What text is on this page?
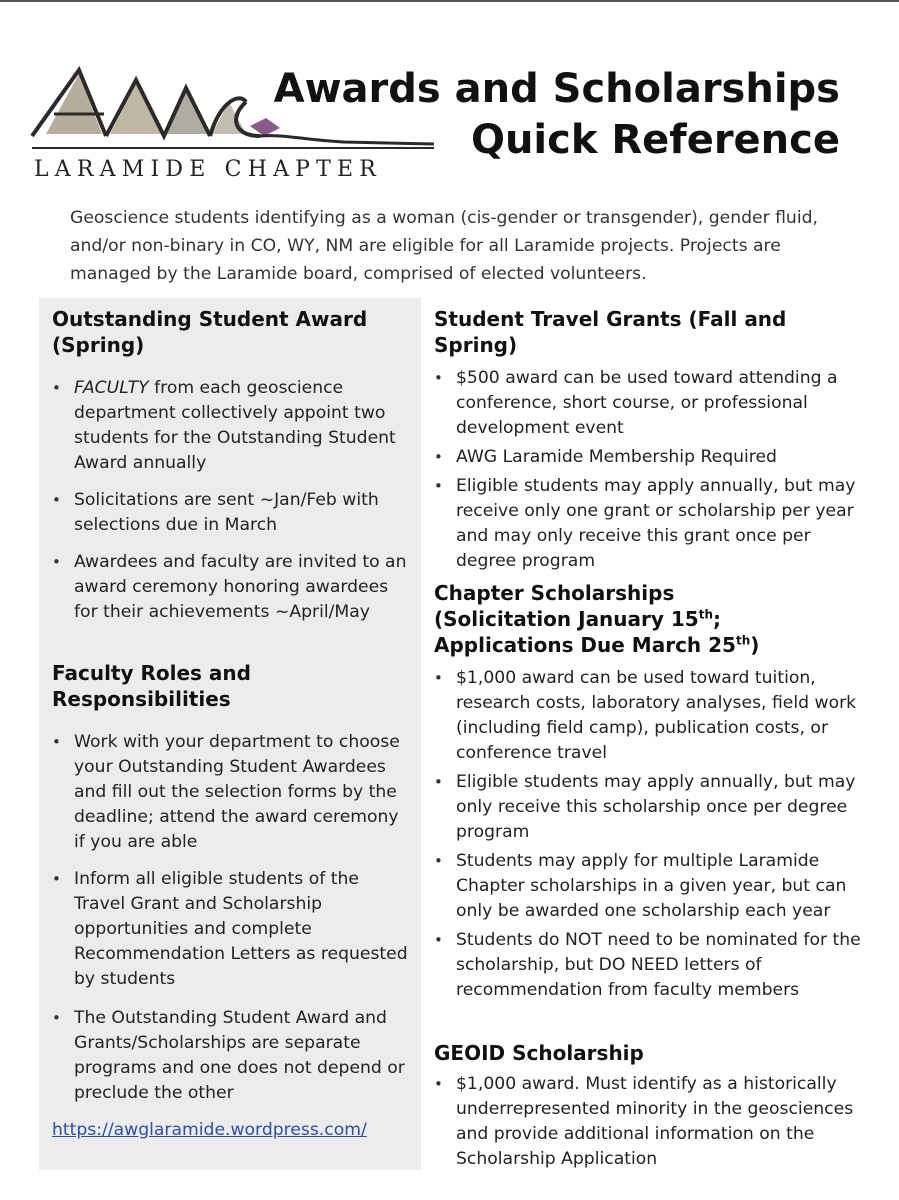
LARAMIDE CHAPTER
Awards and Scholarships
Quick Reference
Geoscience students identifying as a woman (cis-gender or transgender), gender fluid, and/or non-binary in CO, WY, NM are eligible for all Laramide projects. Projects are managed by the Laramide board, comprised of elected volunteers.
Outstanding Student Award (Spring)
• FACULTY from each geoscience department collectively appoint two students for the Outstanding Student Award annually
• Solicitations are sent ~Jan/Feb with selections due in March
• Awardees and faculty are invited to an award ceremony honoring awardees for their achievements ~April/May
Faculty Roles and Responsibilities
• Work with your department to choose your Outstanding Student Awardees and fill out the selection forms by the deadline; attend the award ceremony if you are able
• Inform all eligible students of the Travel Grant and Scholarship opportunities and complete Recommendation Letters as requested by students
• The Outstanding Student Award and Grants/Scholarships are separate programs and one does not depend or preclude the other
https://awglaramide.wordpress.com/
Student Travel Grants (Fall and Spring)
• $500 award can be used toward attending a conference, short course, or professional development event
• AWG Laramide Membership Required
• Eligible students may apply annually, but may receive only one grant or scholarship per year and may only receive this grant once per degree program
Chapter Scholarships
(Solicitation January 15th;
Applications Due March 25th)
• $1,000 award can be used toward tuition, research costs, laboratory analyses, field work (including field camp), publication costs, or conference travel
• Eligible students may apply annually, but may only receive this scholarship once per degree program
• Students may apply for multiple Laramide Chapter scholarships in a given year, but can only be awarded one scholarship each year
• Students do NOT need to be nominated for the scholarship, but DO NEED letters of recommendation from faculty members
GEOID Scholarship
• $1,000 award. Must identify as a historically underrepresented minority in the geosciences and provide additional information on the Scholarship Application
